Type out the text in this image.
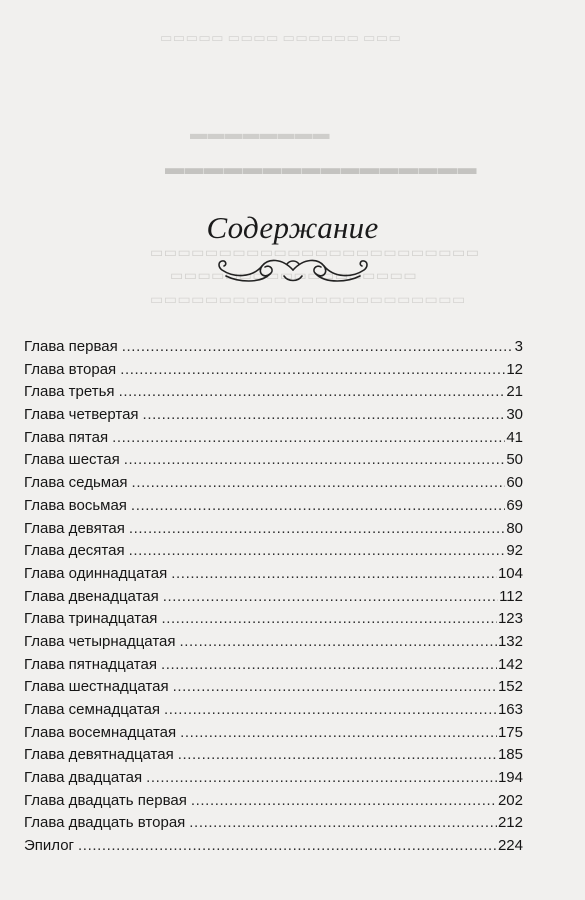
▭▭▭▭▭ ▭▭▭▭ ▭▭▭▭▭▭ ▭▭▭
▬▬▬▬▬▬▬▬
▬▬▬▬▬▬▬▬▬▬▬▬▬▬▬▬
▭▭▭▭▭▭▭▭▭▭▭▭▭▭▭▭▭▭▭▭▭▭▭▭
▭▭▭▭▭▭▭▭▭▭▭▭▭▭▭▭▭▭
▭▭▭▭▭▭▭▭▭▭▭▭▭▭▭▭▭▭▭▭▭▭▭
Содержание
Глава первая .....	3
Глава вторая .....	12
Глава третья .....	21
Глава четвертая .....	30
Глава пятая .....	41
Глава шестая .....	50
Глава седьмая .....	60
Глава восьмая .....	69
Глава девятая .....	80
Глава десятая .....	92
Глава одиннадцатая .....	104
Глава двенадцатая .....	112
Глава тринадцатая .....	123
Глава четырнадцатая .....	132
Глава пятнадцатая .....	142
Глава шестнадцатая .....	152
Глава семнадцатая .....	163
Глава восемнадцатая .....	175
Глава девятнадцатая .....	185
Глава двадцатая .....	194
Глава двадцать первая .....	202
Глава двадцать вторая .....	212
Эпилог .....	224
